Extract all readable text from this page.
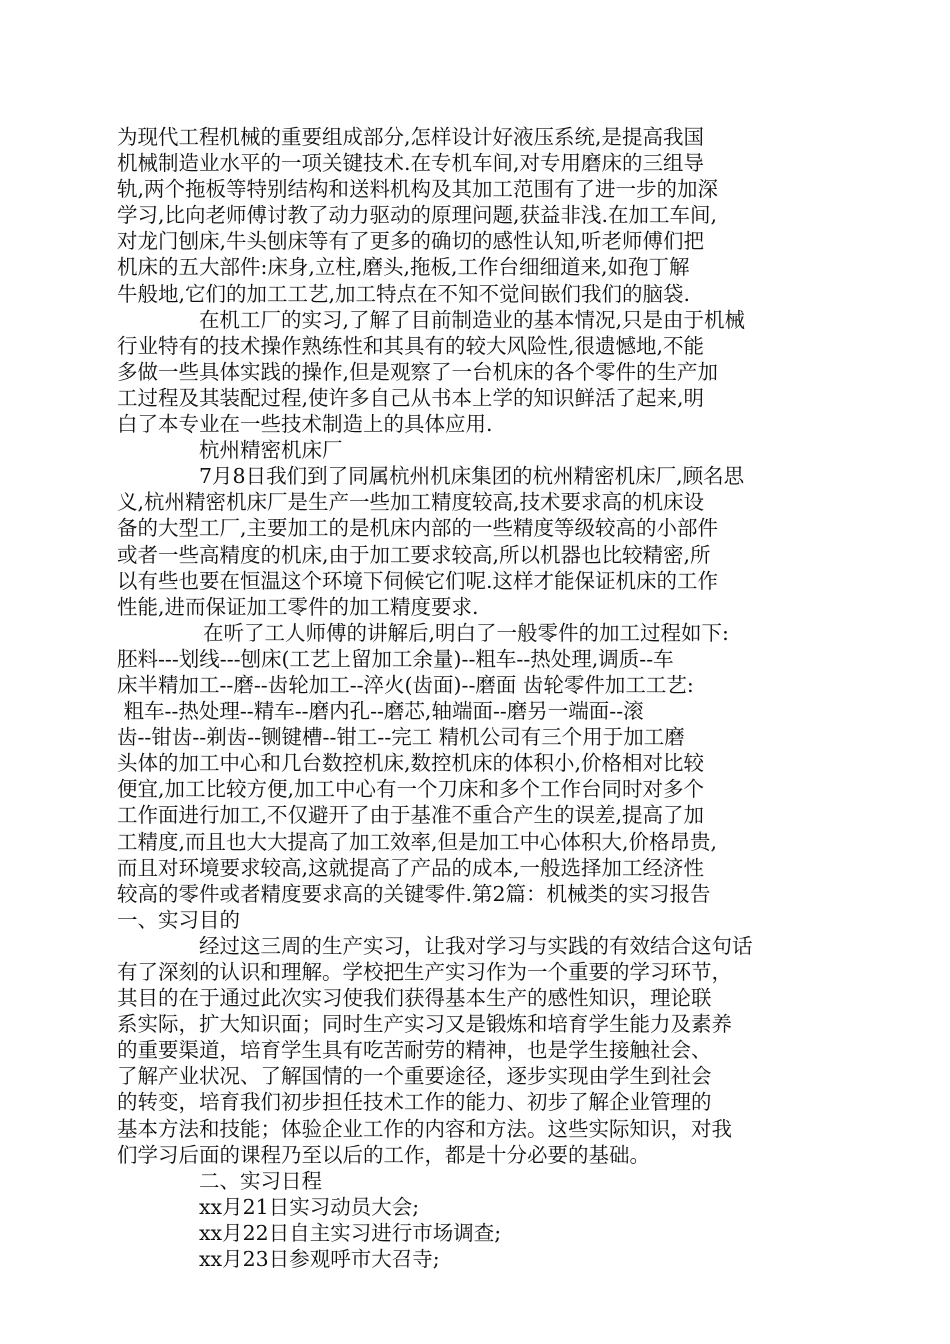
为现代工程机械的重要组成部分,怎样设计好液压系统,是提高我国
机械制造业水平的一项关键技术.在专机车间,对专用磨床的三组导
轨,两个拖板等特别结构和送料机构及其加工范围有了进一步的加深
学习,比向老师傅讨教了动力驱动的原理问题,获益非浅.在加工车间,
对龙门刨床,牛头刨床等有了更多的确切的感性认知,听老师傅们把
机床的五大部件:床身,立柱,磨头,拖板,工作台细细道来,如孢丁解
牛般地,它们的加工工艺,加工特点在不知不觉间嵌们我们的脑袋.
在机工厂的实习,了解了目前制造业的基本情况,只是由于机械
行业特有的技术操作熟练性和其具有的较大风险性,很遗憾地,不能
多做一些具体实践的操作,但是观察了一台机床的各个零件的生产加
工过程及其装配过程,使许多自己从书本上学的知识鲜活了起来,明
白了本专业在一些技术制造上的具体应用.
杭州精密机床厂
7月8日我们到了同属杭州机床集团的杭州精密机床厂,顾名思
义,杭州精密机床厂是生产一些加工精度较高,技术要求高的机床设
备的大型工厂,主要加工的是机床内部的一些精度等级较高的小部件
或者一些高精度的机床,由于加工要求较高,所以机器也比较精密,所
以有些也要在恒温这个环境下伺候它们呢.这样才能保证机床的工作
性能,进而保证加工零件的加工精度要求.
在听了工人师傅的讲解后,明白了一般零件的加工过程如下:
胚料---划线---刨床(工艺上留加工余量)--粗车--热处理,调质--车
床半精加工--磨--齿轮加工--淬火(齿面)--磨面 齿轮零件加工工艺:
粗车--热处理--精车--磨内孔--磨芯,轴端面--磨另一端面--滚
齿--钳齿--剃齿--铡键槽--钳工--完工 精机公司有三个用于加工磨
头体的加工中心和几台数控机床,数控机床的体积小,价格相对比较
便宜,加工比较方便,加工中心有一个刀床和多个工作台同时对多个
工作面进行加工,不仅避开了由于基准不重合产生的误差,提高了加
工精度,而且也大大提高了加工效率,但是加工中心体积大,价格昂贵,
而且对环境要求较高,这就提高了产品的成本,一般选择加工经济性
较高的零件或者精度要求高的关键零件.第2篇：机械类的实习报告
一、实习目的
经过这三周的生产实习，让我对学习与实践的有效结合这句话
有了深刻的认识和理解。学校把生产实习作为一个重要的学习环节，
其目的在于通过此次实习使我们获得基本生产的感性知识，理论联
系实际，扩大知识面；同时生产实习又是锻炼和培育学生能力及素养
的重要渠道，培育学生具有吃苦耐劳的精神，也是学生接触社会、
了解产业状况、了解国情的一个重要途径，逐步实现由学生到社会
的转变，培育我们初步担任技术工作的能力、初步了解企业管理的
基本方法和技能；体验企业工作的内容和方法。这些实际知识，对我
们学习后面的课程乃至以后的工作，都是十分必要的基础。
二、实习日程
xx月21日实习动员大会;
xx月22日自主实习进行市场调查;
xx月23日参观呼市大召寺;
